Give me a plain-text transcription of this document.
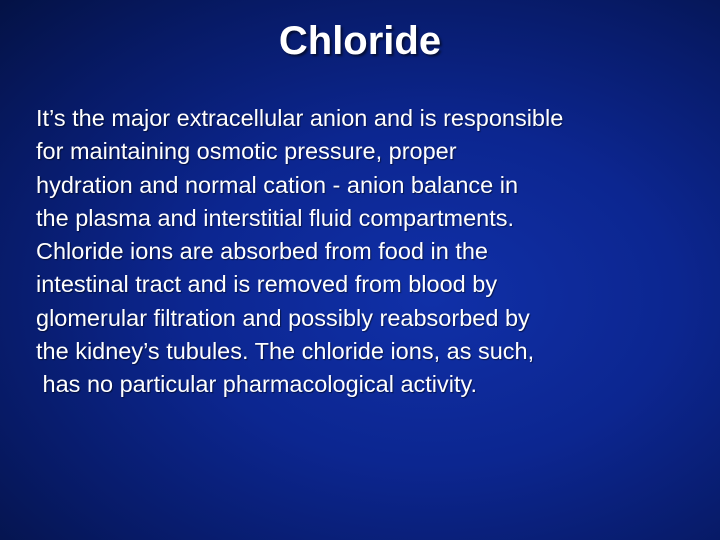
Chloride
It’s the major extracellular anion and is responsible
for maintaining osmotic pressure, proper
hydration and normal cation - anion balance in
the plasma and interstitial fluid compartments.
Chloride ions are absorbed from food in the
intestinal tract and is removed from blood by
glomerular filtration and possibly reabsorbed by
the kidney’s tubules. The chloride ions, as such,
has no particular pharmacological activity.
